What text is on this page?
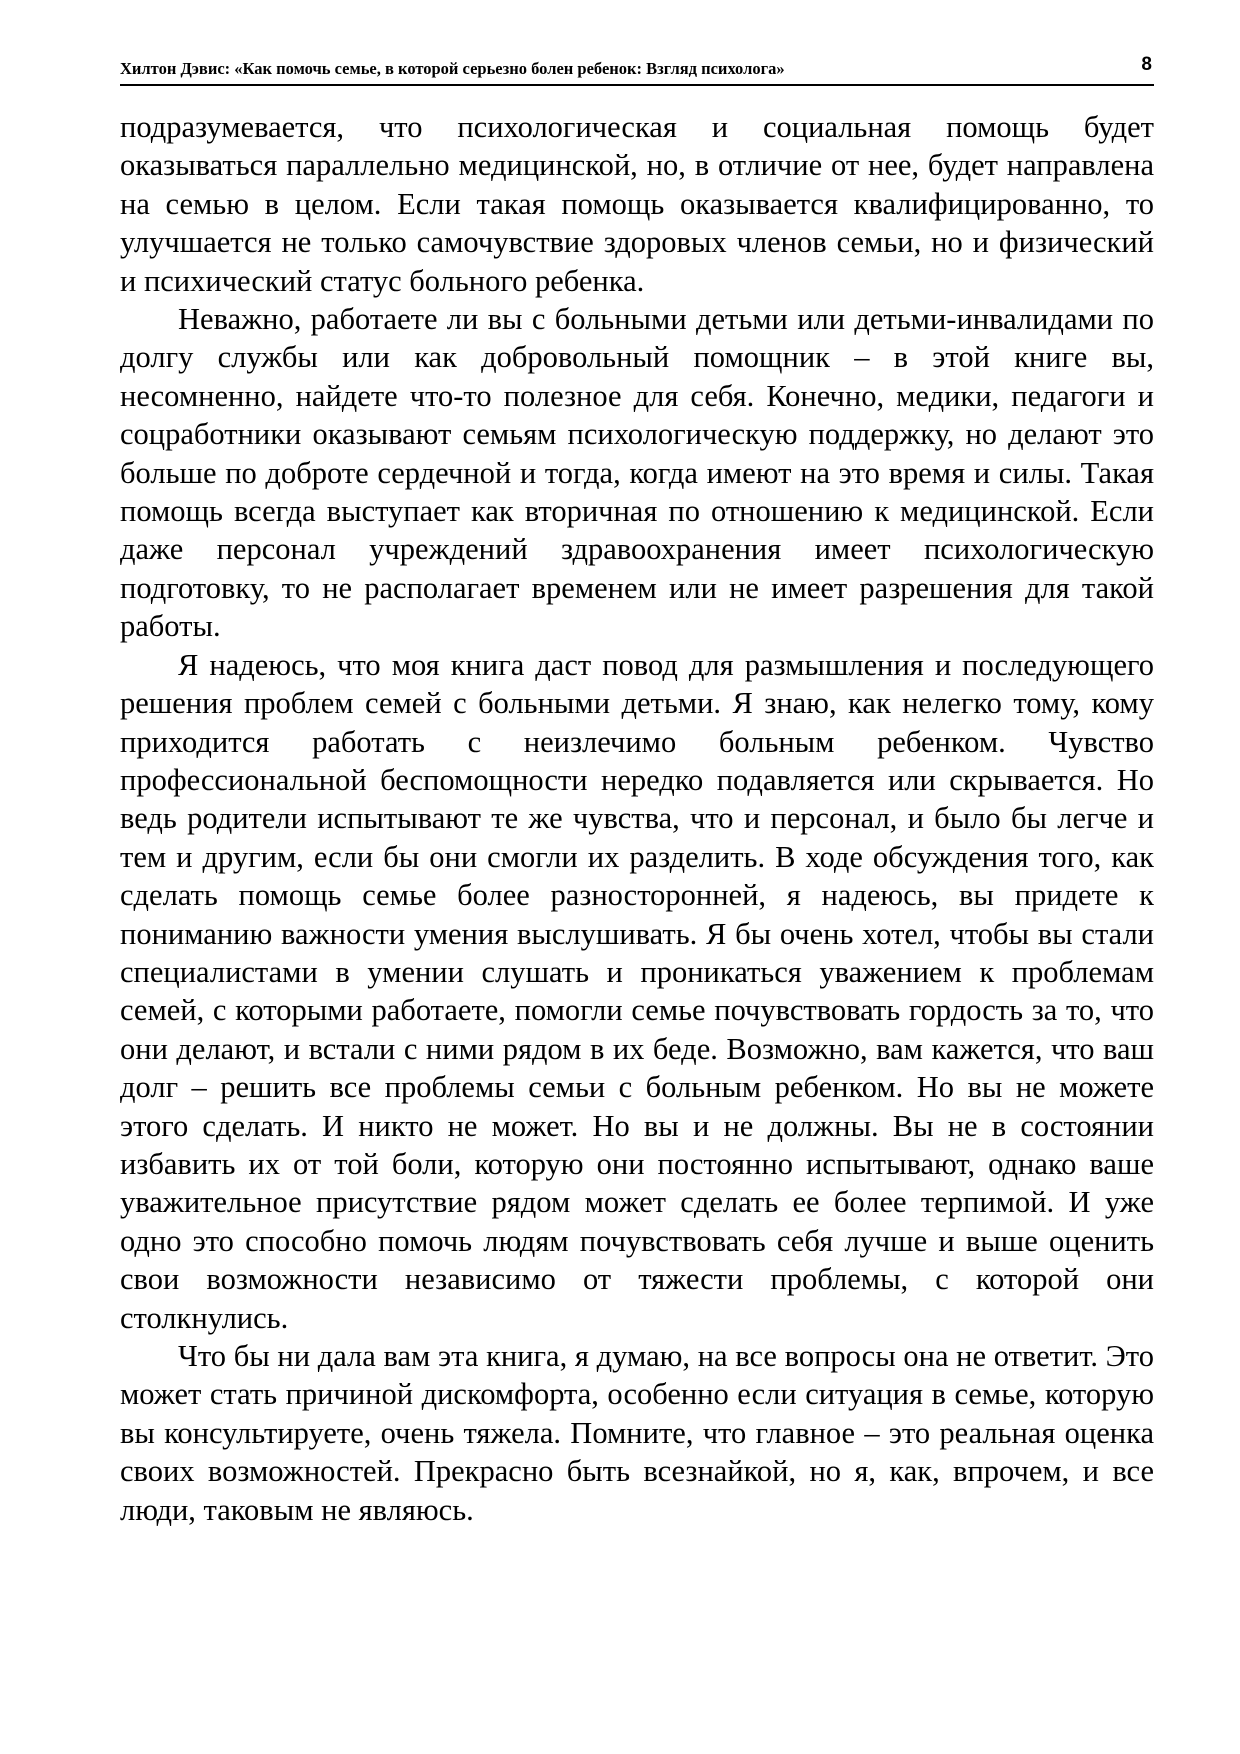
Хилтон Дэвис: «Как помочь семье, в которой серьезно болен ребенок: Взгляд психолога»	8

подразумевается, что психологическая и социальная помощь будет оказываться параллельно медицинской, но, в отличие от нее, будет направлена на семью в целом. Если такая помощь оказывается квалифицированно, то улучшается не только самочувствие здоровых членов семьи, но и физический и психический статус больного ребенка.

Неважно, работаете ли вы с больными детьми или детьми-инвалидами по долгу службы или как добровольный помощник – в этой книге вы, несомненно, найдете что-то полезное для себя. Конечно, медики, педагоги и соцработники оказывают семьям психологическую поддержку, но делают это больше по доброте сердечной и тогда, когда имеют на это время и силы. Такая помощь всегда выступает как вторичная по отношению к медицинской. Если даже персонал учреждений здравоохранения имеет психологическую подготовку, то не располагает временем или не имеет разрешения для такой работы.

Я надеюсь, что моя книга даст повод для размышления и последующего решения проблем семей с больными детьми. Я знаю, как нелегко тому, кому приходится работать с неизлечимо больным ребенком. Чувство профессиональной беспомощности нередко подавляется или скрывается. Но ведь родители испытывают те же чувства, что и персонал, и было бы легче и тем и другим, если бы они смогли их разделить. В ходе обсуждения того, как сделать помощь семье более разносторонней, я надеюсь, вы придете к пониманию важности умения выслушивать. Я бы очень хотел, чтобы вы стали специалистами в умении слушать и проникаться уважением к проблемам семей, с которыми работаете, помогли семье почувствовать гордость за то, что они делают, и встали с ними рядом в их беде. Возможно, вам кажется, что ваш долг – решить все проблемы семьи с больным ребенком. Но вы не можете этого сделать. И никто не может. Но вы и не должны. Вы не в состоянии избавить их от той боли, которую они постоянно испытывают, однако ваше уважительное присутствие рядом может сделать ее более терпимой. И уже одно это способно помочь людям почувствовать себя лучше и выше оценить свои возможности независимо от тяжести проблемы, с которой они столкнулись.

Что бы ни дала вам эта книга, я думаю, на все вопросы она не ответит. Это может стать причиной дискомфорта, особенно если ситуация в семье, которую вы консультируете, очень тяжела. Помните, что главное – это реальная оценка своих возможностей. Прекрасно быть всезнайкой, но я, как, впрочем, и все люди, таковым не являюсь.
